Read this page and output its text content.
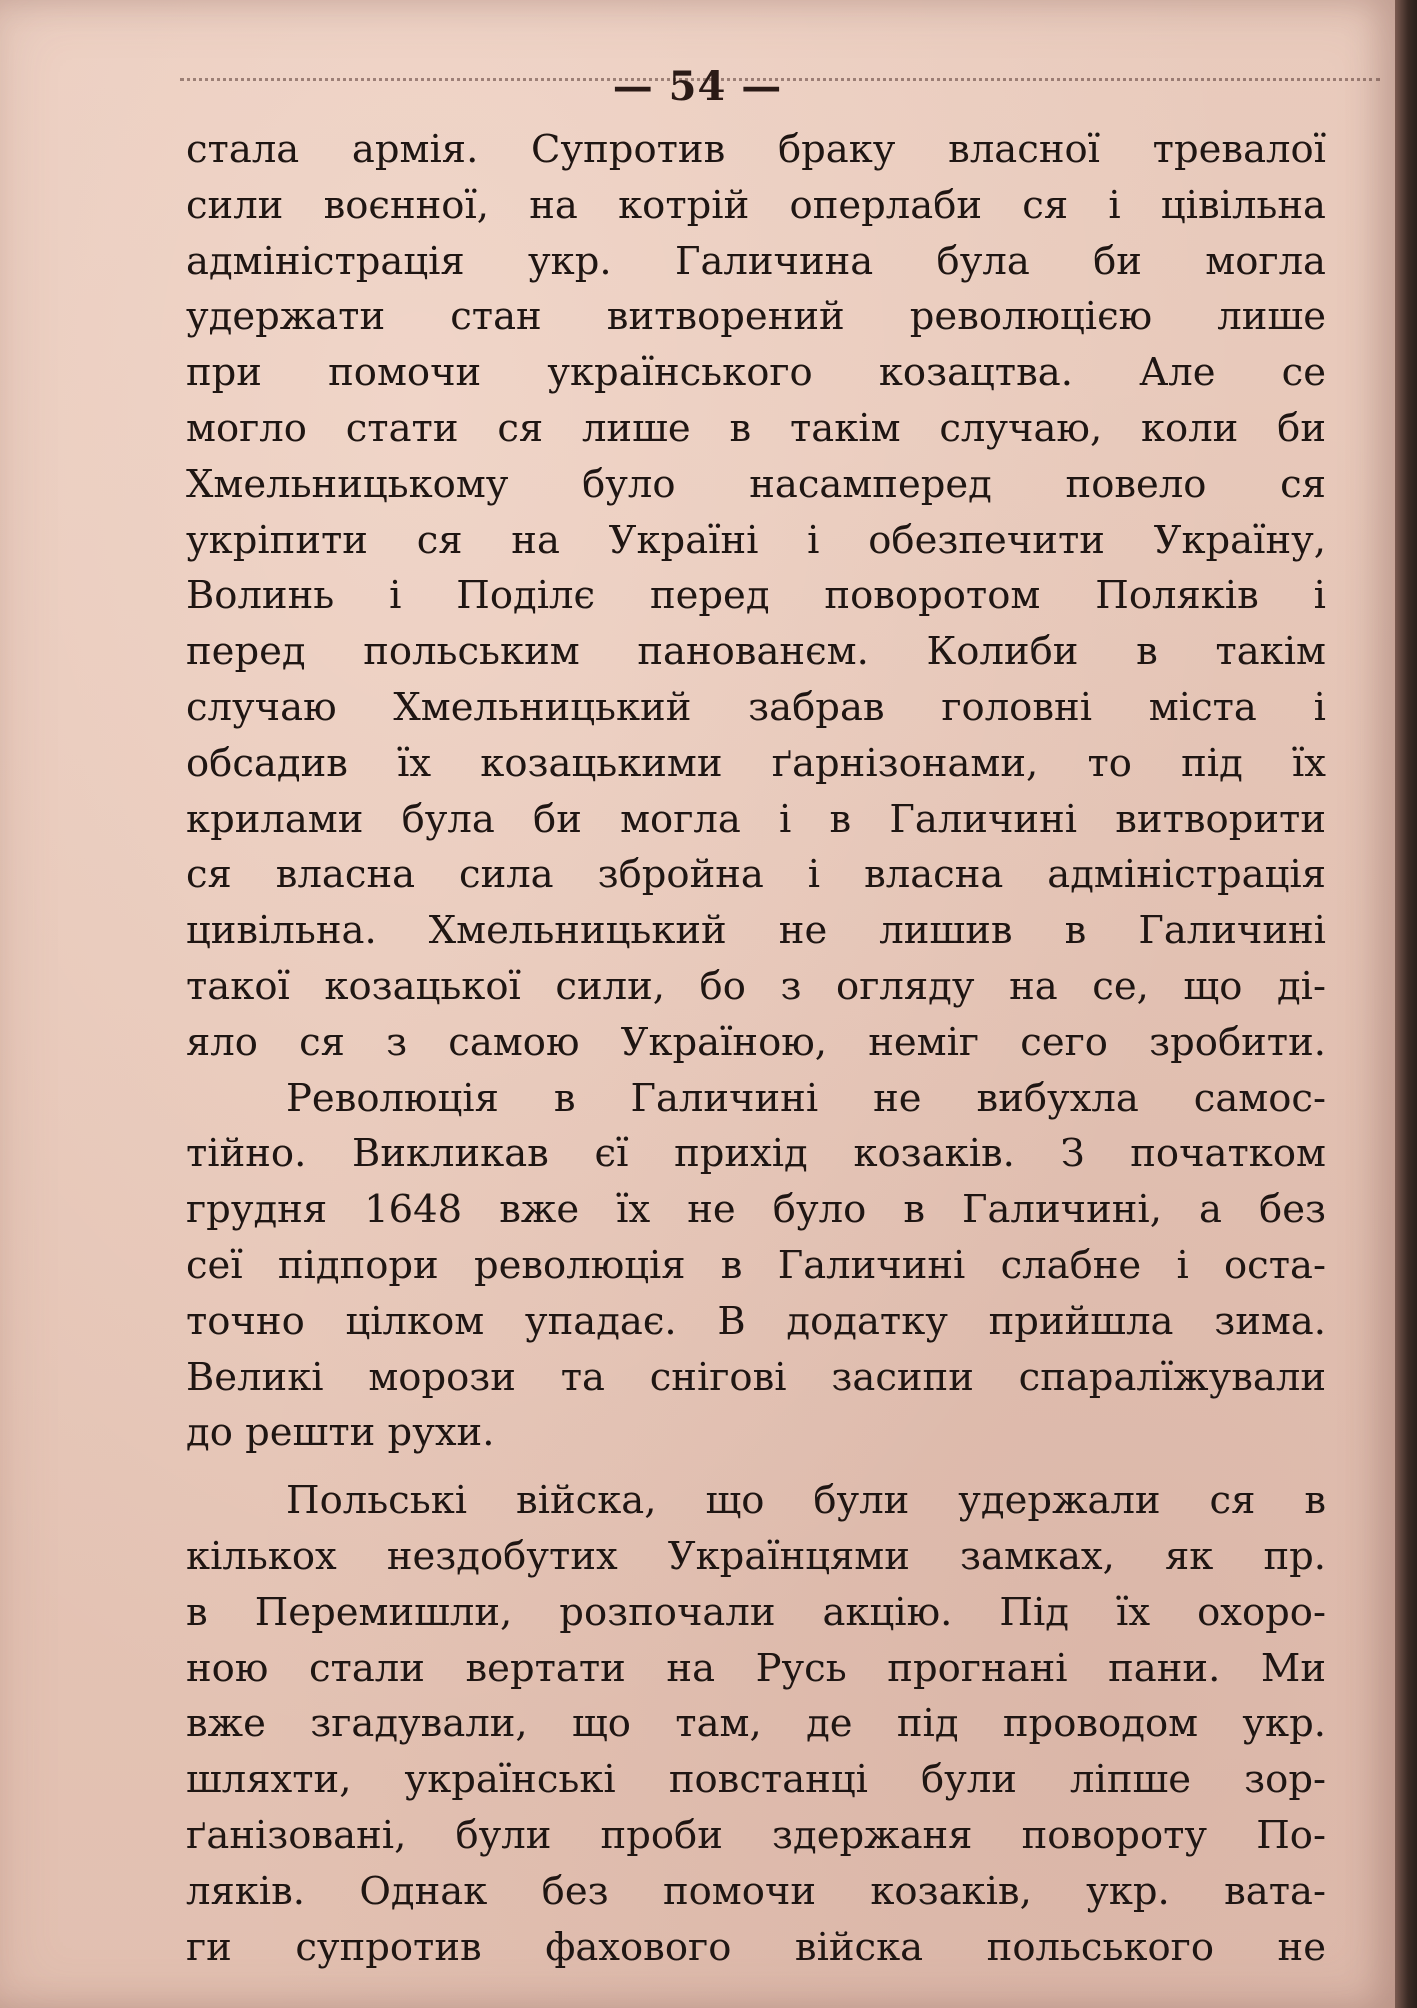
— 54 —
стала армія. Супротив браку власної тревалої
сили воєнної, на котрій оперлаби ся і цівільна
адміністрація укр. Галичина була би могла
удержати стан витворений революцією лише
при помочи українського козацтва. Але се
могло стати ся лише в такім случаю, коли би
Хмельницькому було насамперед повело ся
укріпити ся на Україні і обезпечити Україну,
Волинь і Поділє перед поворотом Поляків і
перед польським панованєм. Колиби в такім
случаю Хмельницький забрав головні міста і
обсадив їх козацькими ґарнізонами, то під їх
крилами була би могла і в Галичині витворити
ся власна сила збройна і власна адміністрація
цивільна. Хмельницький не лишив в Галичині
такої козацької сили, бо з огляду на се, що ді-
яло ся з самою Україною, неміг сего зробити.
Революція в Галичині не вибухла самос-
тійно. Викликав єї прихід козаків. З початком
грудня 1648 вже їх не було в Галичині, а без
сеї підпори революція в Галичині слабне і оста-
точно цілком упадає. В додатку прийшла зима.
Великі морози та снігові засипи спаралїжували
до решти рухи.
Польські війска, що були удержали ся в
кількох нездобутих Українцями замках, як пр.
в Перемишли, розпочали акцію. Під їх охоро-
ною стали вертати на Русь прогнані пани. Ми
вже згадували, що там, де під проводом укр.
шляхти, українські повстанці були ліпше зор-
ґанізовані, були проби здержаня повороту По-
ляків. Однак без помочи козаків, укр. вата-
ги супротив фахового війска польського не
